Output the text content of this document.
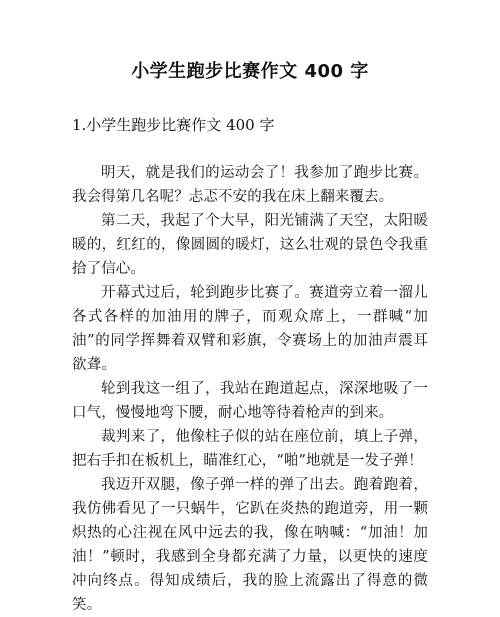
小学生跑步比赛作文 400 字
1.小学生跑步比赛作文 400 字

明天，就是我们的运动会了！我参加了跑步比赛。我会得第几名呢？忐忑不安的我在床上翻来覆去。

第二天，我起了个大早，阳光铺满了天空，太阳暖暖的，红红的，像圆圆的暖灯，这么壮观的景色令我重拾了信心。

开幕式过后，轮到跑步比赛了。赛道旁立着一溜儿各式各样的加油用的牌子，而观众席上，一群喊“加油”的同学挥舞着双臂和彩旗，令赛场上的加油声震耳欲聋。

轮到我这一组了，我站在跑道起点，深深地吸了一口气，慢慢地弯下腰，耐心地等待着枪声的到来。

裁判来了，他像柱子似的站在座位前，填上子弹，把右手扣在板机上，瞄准红心，“啪”地就是一发子弹！

我迈开双腿，像子弹一样的弹了出去。跑着跑着，我仿佛看见了一只蜗牛，它趴在炎热的跑道旁，用一颗炽热的心注视在风中远去的我，像在呐喊：“加油！加油！”顿时，我感到全身都充满了力量，以更快的速度冲向终点。得知成绩后，我的脸上流露出了得意的微笑。
